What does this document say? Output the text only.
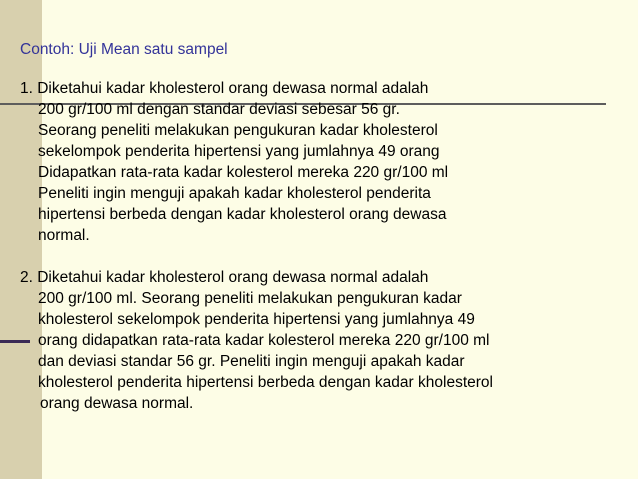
Contoh: Uji Mean satu sampel
1. Diketahui kadar kholesterol orang dewasa normal adalah
200 gr/100 ml dengan standar deviasi sebesar 56 gr.
Seorang peneliti melakukan pengukuran kadar kholesterol
sekelompok penderita hipertensi yang jumlahnya 49 orang
Didapatkan rata-rata kadar kolesterol mereka 220 gr/100 ml
Peneliti ingin menguji apakah kadar kholesterol penderita
hipertensi berbeda dengan kadar kholesterol orang dewasa
normal.
2. Diketahui kadar kholesterol orang dewasa normal adalah
200 gr/100 ml. Seorang peneliti melakukan pengukuran kadar
kholesterol sekelompok penderita hipertensi yang jumlahnya 49
orang didapatkan rata-rata kadar kolesterol mereka 220 gr/100 ml
dan deviasi standar 56 gr. Peneliti ingin menguji apakah kadar
kholesterol penderita hipertensi berbeda dengan kadar kholesterol
orang dewasa normal.
